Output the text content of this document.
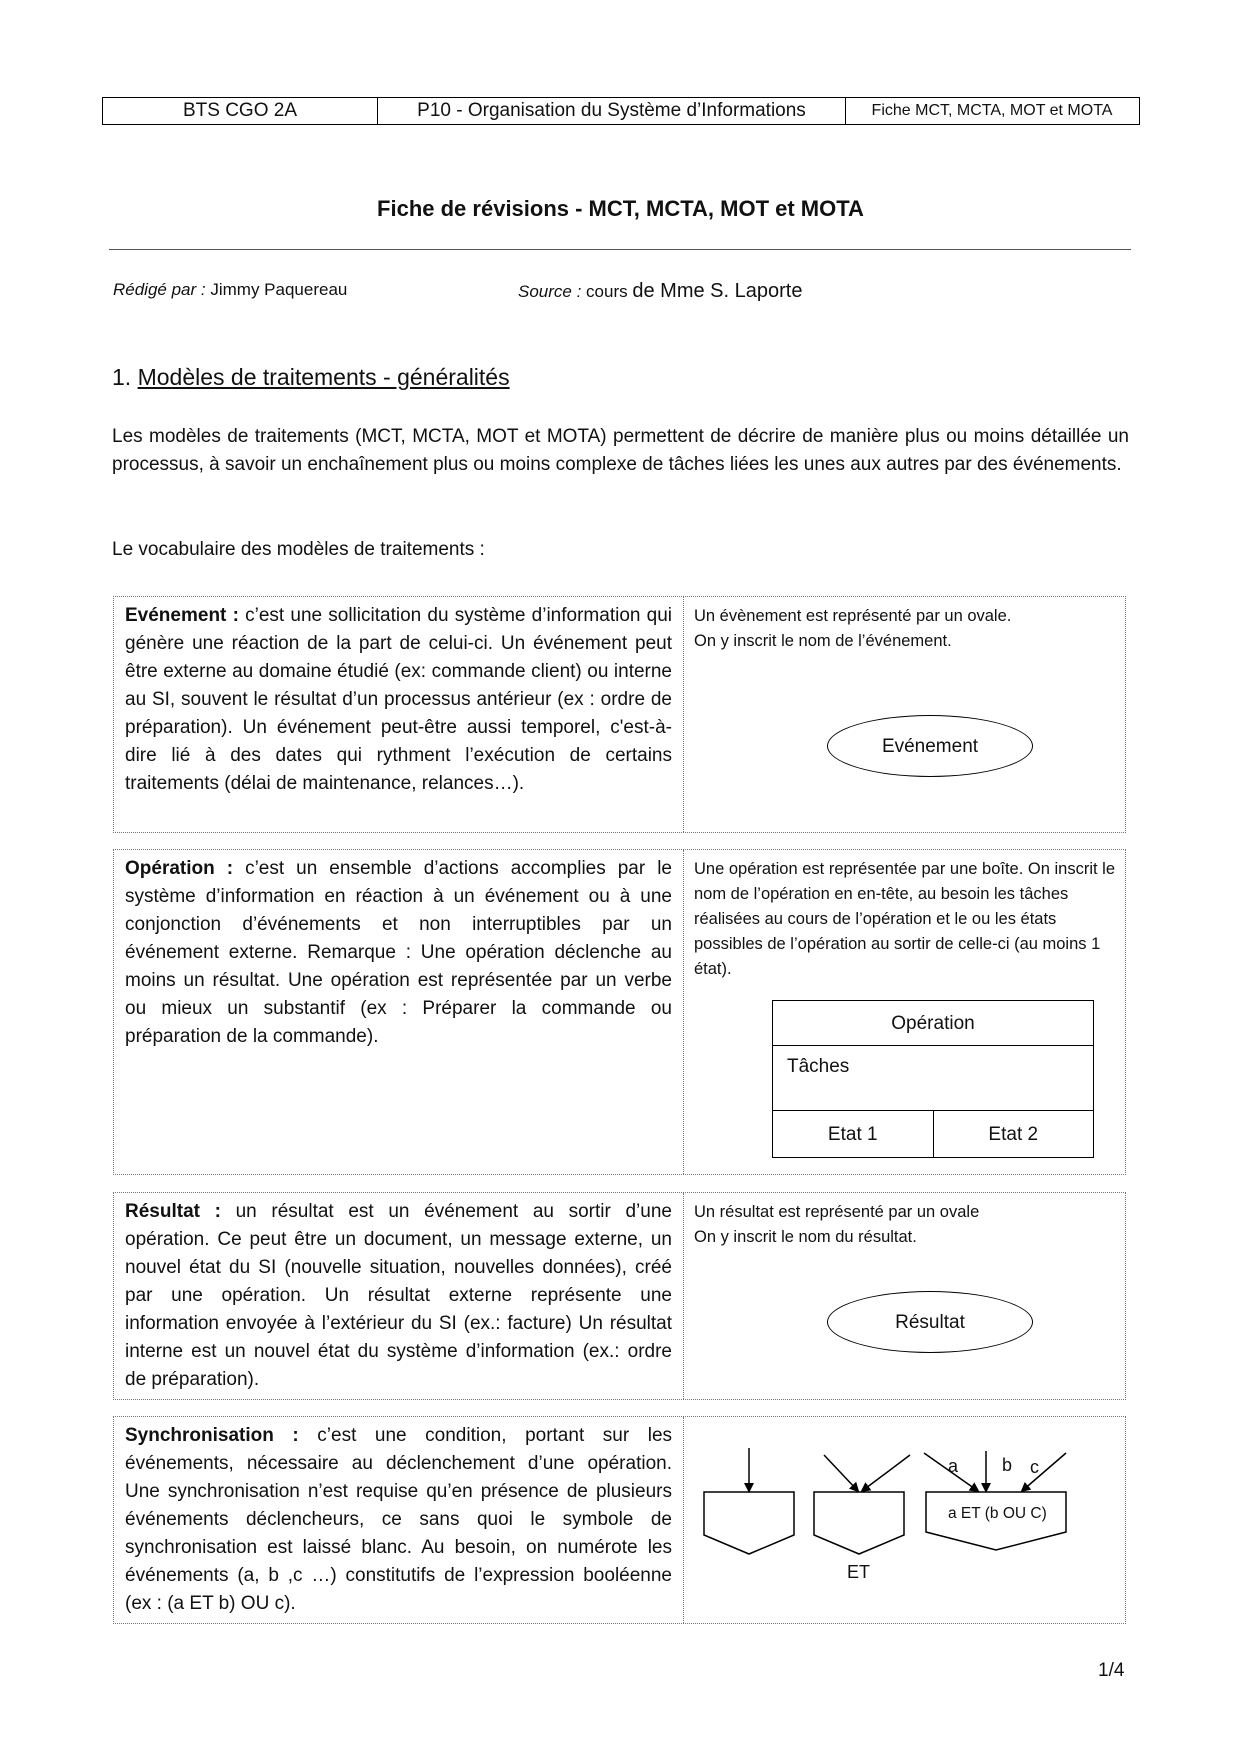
BTS CGO 2A	P10 - Organisation du Système d’Informations	Fiche MCT, MCTA, MOT et MOTA
Fiche de révisions - MCT, MCTA, MOT et MOTA
Rédigé par : Jimmy Paquereau	Source : cours de Mme S. Laporte
1. Modèles de traitements - généralités
Les modèles de traitements (MCT, MCTA, MOT et MOTA) permettent de décrire de manière plus ou moins détaillée un processus, à savoir un enchaînement plus ou moins complexe de tâches liées les unes aux autres par des événements.
Le vocabulaire des modèles de traitements :
Evénement : c’est une sollicitation du système d’information qui génère une réaction de la part de celui-ci. Un événement peut être externe au domaine étudié (ex: commande client) ou interne au SI, souvent le résultat d’un processus antérieur (ex : ordre de préparation). Un événement peut-être aussi temporel, c'est-à-dire lié à des dates qui rythment l’exécution de certains traitements (délai de maintenance, relances…).
Un évènement est représenté par un ovale.
On y inscrit le nom de l’événement.
Evénement
Opération : c’est un ensemble d’actions accomplies par le système d’information en réaction à un événement ou à une conjonction d’événements et non interruptibles par un événement externe. Remarque : Une opération déclenche au moins un résultat. Une opération est représentée par un verbe ou mieux un substantif (ex : Préparer la commande ou préparation de la commande).
Une opération est représentée par une boîte. On inscrit le nom de l’opération en en-tête, au besoin les tâches réalisées au cours de l’opération et le ou les états possibles de l’opération au sortir de celle-ci (au moins 1 état).
Opération
Tâches
Etat 1	Etat 2
Résultat : un résultat est un événement au sortir d’une opération. Ce peut être un document, un message externe, un nouvel état du SI (nouvelle situation, nouvelles données), créé par une opération. Un résultat externe représente une information envoyée à l’extérieur du SI (ex.: facture) Un résultat interne est un nouvel état du système d’information (ex.: ordre de préparation).
Un résultat est représenté par un ovale
On y inscrit le nom du résultat.
Résultat
Synchronisation : c’est une condition, portant sur les événements, nécessaire au déclenchement d’une opération. Une synchronisation n’est requise qu’en présence de plusieurs événements déclencheurs, ce sans quoi le symbole de synchronisation est laissé blanc. Au besoin, on numérote les événements (a, b ,c …) constitutifs de l’expression booléenne (ex : (a ET b) OU c).
ET
a ET (b OU C)
a b c
1/4
